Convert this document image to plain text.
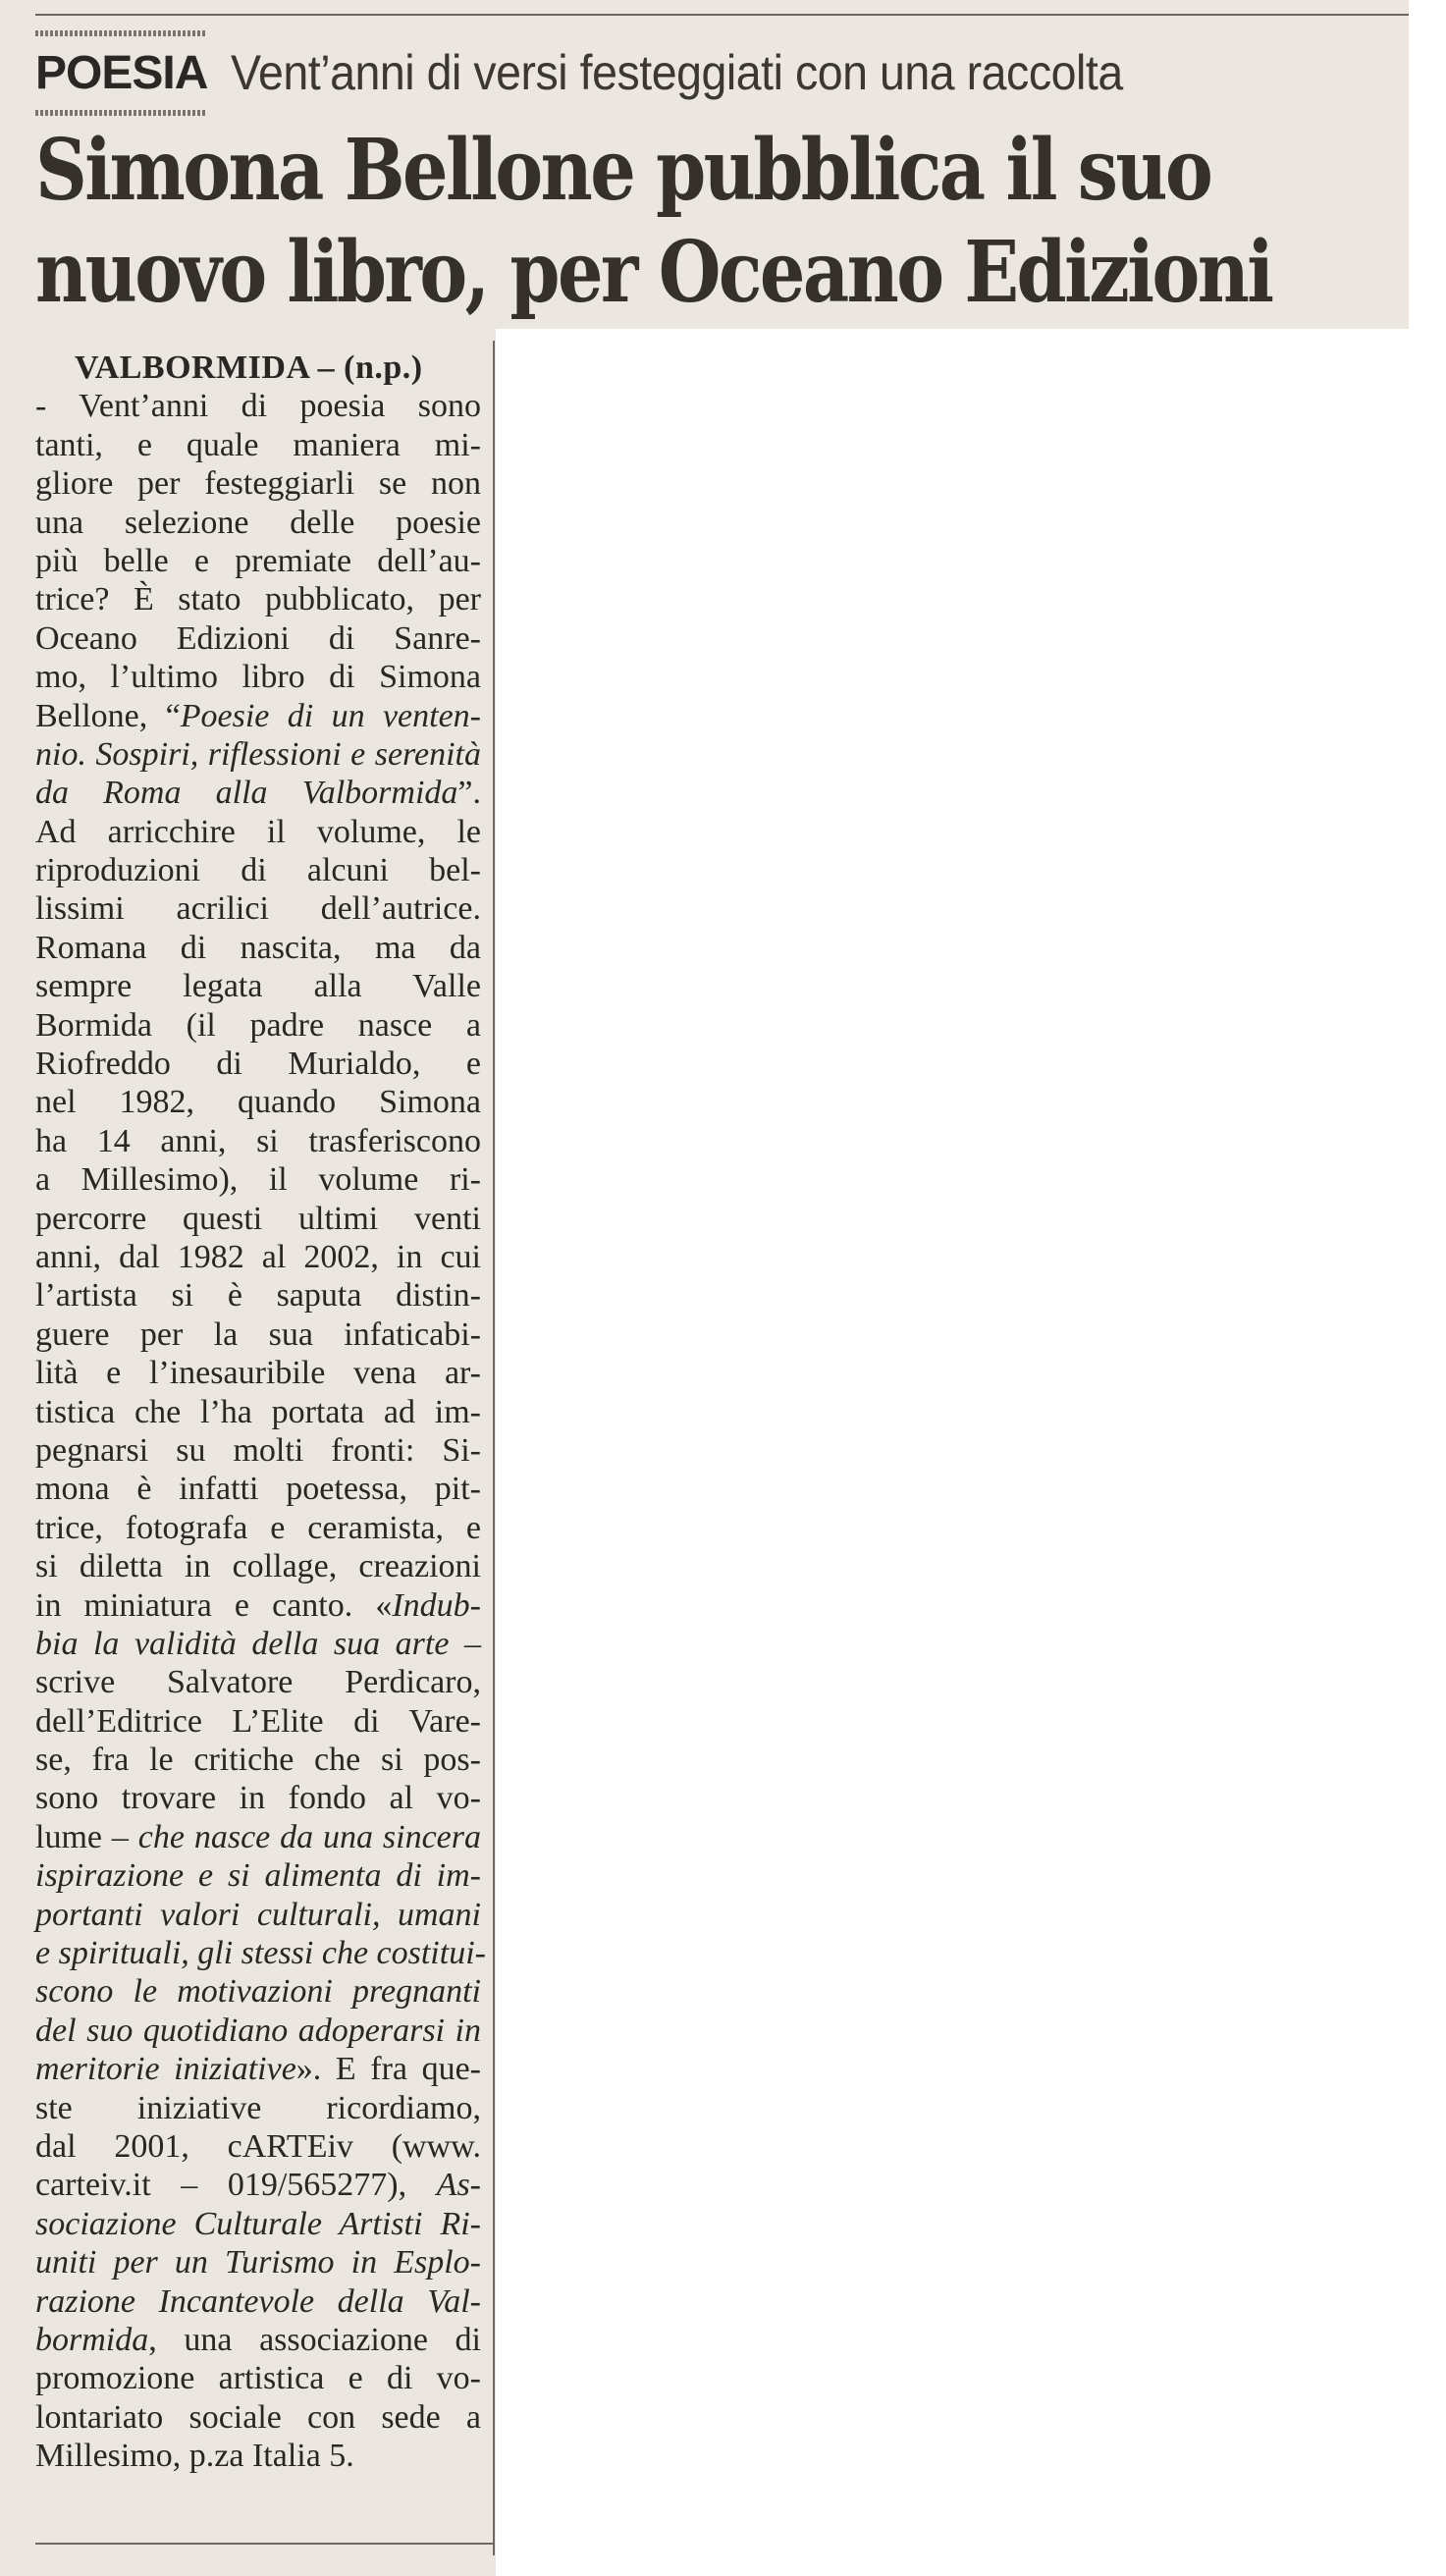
POESIA Vent’anni di versi festeggiati con una raccolta
Simona Bellone pubblica il suo
nuovo libro, per Oceano Edizioni
VALBORMIDA – (n.p.)
- Vent’anni di poesia sono
tanti, e quale maniera mi-
gliore per festeggiarli se non
una selezione delle poesie
più belle e premiate dell’au-
trice? È stato pubblicato, per
Oceano Edizioni di Sanre-
mo, l’ultimo libro di Simona
Bellone, “Poesie di un venten-
nio. Sospiri, riflessioni e serenità
da Roma alla Valbormida”.
Ad arricchire il volume, le
riproduzioni di alcuni bel-
lissimi acrilici dell’autrice.
Romana di nascita, ma da
sempre legata alla Valle
Bormida (il padre nasce a
Riofreddo di Murialdo, e
nel 1982, quando Simona
ha 14 anni, si trasferiscono
a Millesimo), il volume ri-
percorre questi ultimi venti
anni, dal 1982 al 2002, in cui
l’artista si è saputa distin-
guere per la sua infaticabi-
lità e l’inesauribile vena ar-
tistica che l’ha portata ad im-
pegnarsi su molti fronti: Si-
mona è infatti poetessa, pit-
trice, fotografa e ceramista, e
si diletta in collage, creazioni
in miniatura e canto. «Indub-
bia la validità della sua arte –
scrive Salvatore Perdicaro,
dell’Editrice L’Elite di Vare-
se, fra le critiche che si pos-
sono trovare in fondo al vo-
lume – che nasce da una sincera
ispirazione e si alimenta di im-
portanti valori culturali, umani
e spirituali, gli stessi che costitui-
scono le motivazioni pregnanti
del suo quotidiano adoperarsi in
meritorie iniziative». E fra que-
ste iniziative ricordiamo,
dal 2001, cARTEiv (www.
carteiv.it – 019/565277), As-
sociazione Culturale Artisti Ri-
uniti per un Turismo in Esplo-
razione Incantevole della Val-
bormida, una associazione di
promozione artistica e di vo-
lontariato sociale con sede a
Millesimo, p.za Italia 5.
